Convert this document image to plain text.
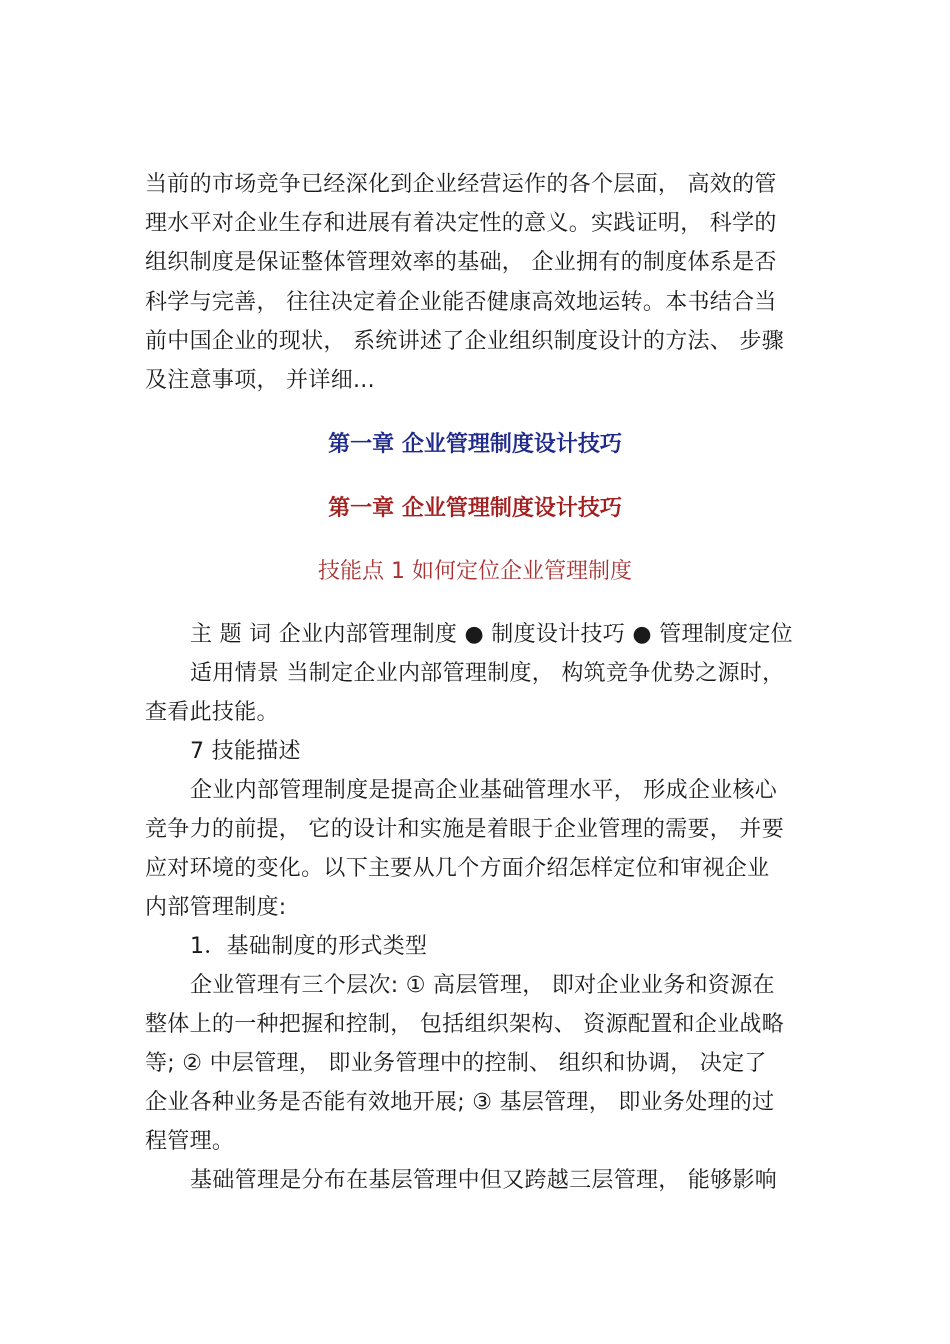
当前的市场竞争已经深化到企业经营运作的各个层面， 高效的管
理水平对企业生存和进展有着决定性的意义。实践证明， 科学的
组织制度是保证整体管理效率的基础， 企业拥有的制度体系是否
科学与完善， 往往决定着企业能否健康高效地运转。本书结合当
前中国企业的现状， 系统讲述了企业组织制度设计的方法、 步骤
及注意事项， 并详细...
第一章 企业管理制度设计技巧
第一章 企业管理制度设计技巧
技能点 1 如何定位企业管理制度
主 题 词 企业内部管理制度 ● 制度设计技巧 ● 管理制度定位
适用情景 当制定企业内部管理制度， 构筑竞争优势之源时，
查看此技能。
7 技能描述
企业内部管理制度是提高企业基础管理水平， 形成企业核心
竞争力的前提， 它的设计和实施是着眼于企业管理的需要， 并要
应对环境的变化。以下主要从几个方面介绍怎样定位和审视企业
内部管理制度:
1．基础制度的形式类型
企业管理有三个层次: ① 高层管理， 即对企业业务和资源在
整体上的一种把握和控制， 包括组织架构、 资源配置和企业战略
等; ② 中层管理， 即业务管理中的控制、 组织和协调， 决定了
企业各种业务是否能有效地开展; ③ 基层管理， 即业务处理的过
程管理。
基础管理是分布在基层管理中但又跨越三层管理， 能够影响
